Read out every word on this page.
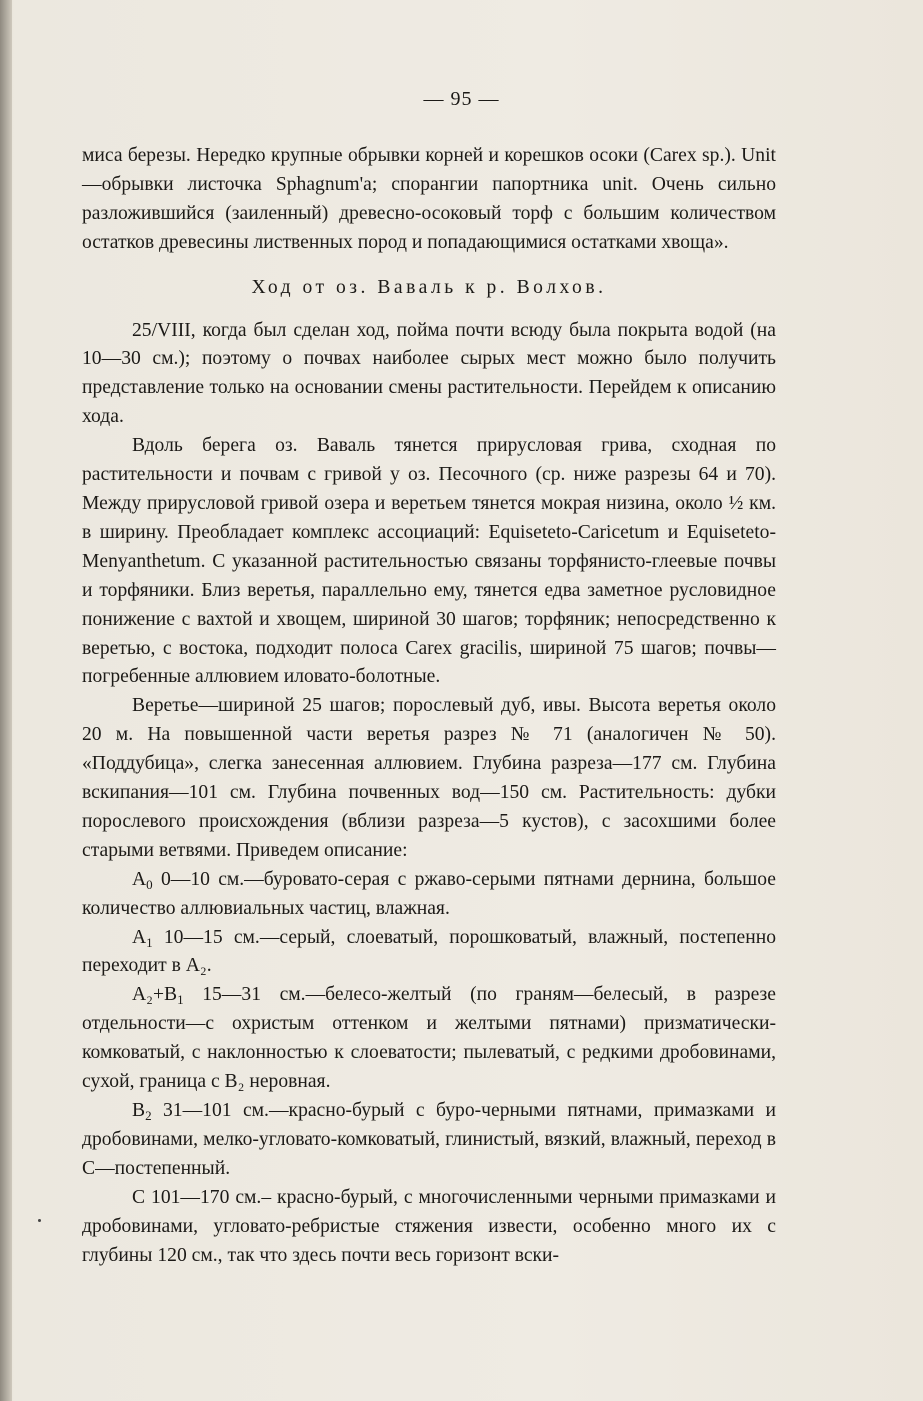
— 95 —

миса березы. Нередко крупные обрывки корней и корешков осоки (Carex sp.). Unit—обрывки листочка Sphagnum'a; спорангии папортника unit. Очень сильно разложившийся (заиленный) древесно-осоковый торф с большим количеством остатков древесины лиственных пород и попадающимися остатками хвоща».

Ход от оз. Ваваль к р. Волхов.

25/VIII, когда был сделан ход, пойма почти всюду была покрыта водой (на 10—30 см.); поэтому о почвах наиболее сырых мест можно было получить представление только на основании смены растительности. Перейдем к описанию хода.

Вдоль берега оз. Ваваль тянется прирусловая грива, сходная по растительности и почвам с гривой у оз. Песочного (ср. ниже разрезы 64 и 70). Между прирусловой гривой озера и веретьем тянется мокрая низина, около ½ км. в ширину. Преобладает комплекс ассоциаций: Equiseteto-Caricetum и Equiseteto-Menyanthetum. С указанной растительностью связаны торфянисто-глеевые почвы и торфяники. Близ веретья, параллельно ему, тянется едва заметное русловидное понижение с вахтой и хвощем, шириной 30 шагов; торфяник; непосредственно к веретью, с востока, подходит полоса Carex gracilis, шириной 75 шагов; почвы—погребенные аллювием иловато-болотные.

Веретье—шириной 25 шагов; порослевый дуб, ивы. Высота веретья около 20 м. На повышенной части веретья разрез № 71 (аналогичен № 50). «Поддубица», слегка занесенная аллювием. Глубина разреза—177 см. Глубина вскипания—101 см. Глубина почвенных вод—150 см. Растительность: дубки порослевого происхождения (вблизи разреза—5 кустов), с засохшими более старыми ветвями. Приведем описание:

$A_0$ 0—10 см.—буровато-серая с ржаво-серыми пятнами дернина, большое количество аллювиальных частиц, влажная.

$A_1$ 10—15 см.—серый, слоеватый, порошковатый, влажный, постепенно переходит в A₂.

$A_2+B_1$ 15—31 см.—белесо-желтый (по граням—белесый, в разрезе отдельности—с охристым оттенком и желтыми пятнами) призматически-комковатый, с наклонностью к слоеватости; пылеватый, с редкими дробовинами, сухой, граница с B₂ неровная.

$B_2$ 31—101 см.—красно-бурый с буро-черными пятнами, примазками и дробовинами, мелко-угловато-комковатый, глинистый, вязкий, влажный, переход в C—постепенный.

C 101—170 см.– красно-бурый, с многочисленными черными примазками и дробовинами, угловато-ребристые стяжения извести, особенно много их с глубины 120 см., так что здесь почти весь горизонт вски-
